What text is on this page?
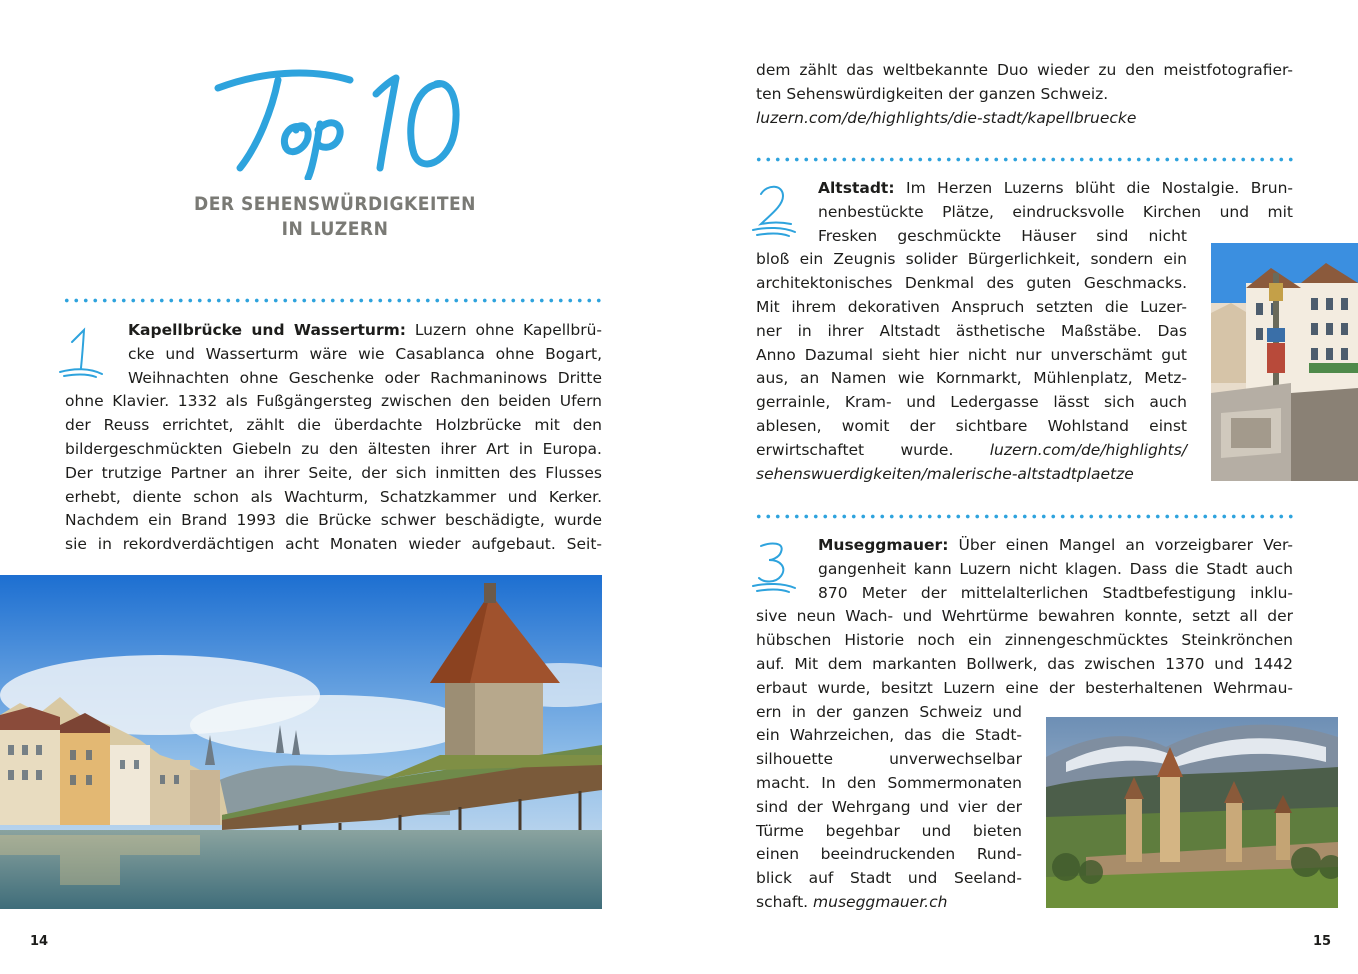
DER SEHENSWÜRDIGKEITEN
IN LUZERN
1	Kapellbrücke und Wasserturm: Luzern ohne Kapellbrü-
cke und Wasserturm wäre wie Casablanca ohne Bogart,
Weihnachten ohne Geschenke oder Rachmaninows Dritte
ohne Klavier. 1332 als Fußgängersteg zwischen den beiden Ufern
der Reuss errichtet, zählt die überdachte Holzbrücke mit den
bildergeschmückten Giebeln zu den ältesten ihrer Art in Europa.
Der trutzige Partner an ihrer Seite, der sich inmitten des Flusses
erhebt, diente schon als Wachturm, Schatzkammer und Kerker.
Nachdem ein Brand 1993 die Brücke schwer beschädigte, wurde
sie in rekordverdächtigen acht Monaten wieder aufgebaut. Seit-
14
dem zählt das weltbekannte Duo wieder zu den meistfotografier-
ten Sehenswürdigkeiten der ganzen Schweiz.
luzern.com/de/highlights/die-stadt/kapellbruecke
2	Altstadt: Im Herzen Luzerns blüht die Nostalgie. Brun-
nenbestückte Plätze, eindrucksvolle Kirchen und mit
Fresken geschmückte Häuser sind nicht
bloß ein Zeugnis solider Bürgerlichkeit, sondern ein
architektonisches Denkmal des guten Geschmacks.
Mit ihrem dekorativen Anspruch setzten die Luzer-
ner in ihrer Altstadt ästhetische Maßstäbe. Das
Anno Dazumal sieht hier nicht nur unverschämt gut
aus, an Namen wie Kornmarkt, Mühlenplatz, Metz-
gerrainle, Kram- und Ledergasse lässt sich auch
ablesen, womit der sichtbare Wohlstand einst
erwirtschaftet wurde. luzern.com/de/highlights/
sehenswuerdigkeiten/malerische-altstadtplaetze
3	Museggmauer: Über einen Mangel an vorzeigbarer Ver-
gangenheit kann Luzern nicht klagen. Dass die Stadt auch
870 Meter der mittelalterlichen Stadtbefestigung inklu-
sive neun Wach- und Wehrtürme bewahren konnte, setzt all der
hübschen Historie noch ein zinnengeschmücktes Steinkrönchen
auf. Mit dem markanten Bollwerk, das zwischen 1370 und 1442
erbaut wurde, besitzt Luzern eine der besterhaltenen Wehrmau-
ern in der ganzen Schweiz und
ein Wahrzeichen, das die Stadt-
silhouette unverwechselbar
macht. In den Sommermonaten
sind der Wehrgang und vier der
Türme begehbar und bieten
einen beeindruckenden Rund-
blick auf Stadt und Seeland-
schaft. museggmauer.ch
15
